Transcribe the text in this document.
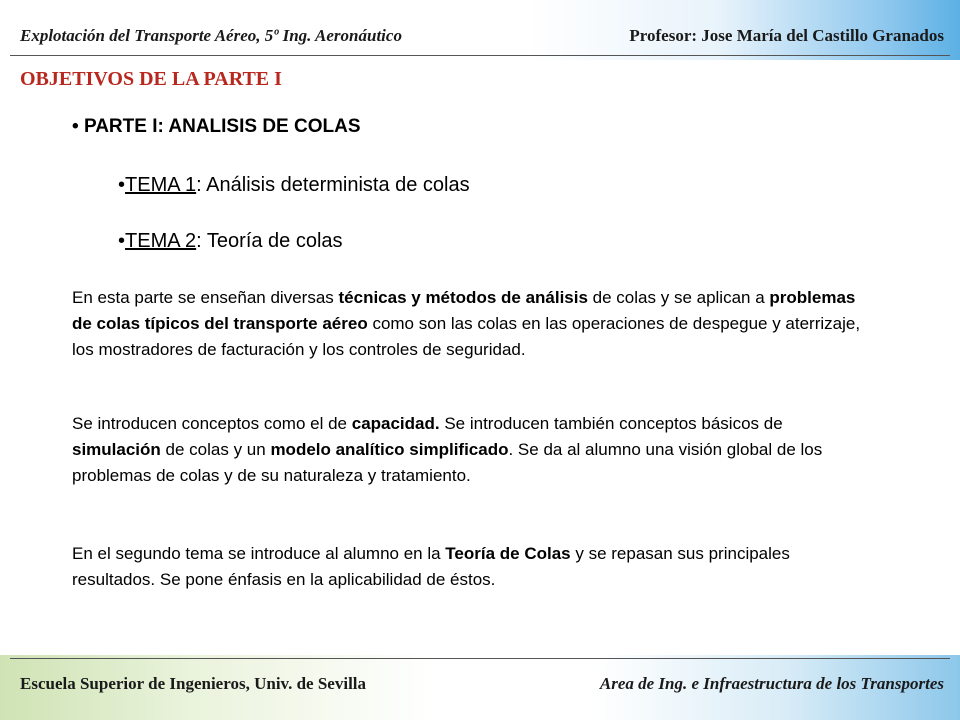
Explotación del Transporte Aéreo, 5º Ing. Aeronáutico	Profesor: Jose María del Castillo Granados
OBJETIVOS DE LA PARTE I
• PARTE I: ANALISIS DE COLAS
•TEMA 1: Análisis determinista de colas
•TEMA 2: Teoría de colas
En esta parte se enseñan diversas técnicas y métodos de análisis de colas y se aplican a problemas de colas típicos del transporte aéreo como son las colas en las operaciones de despegue y aterrizaje, los mostradores de facturación y los controles de seguridad.
Se introducen conceptos como el de capacidad. Se introducen también conceptos básicos de simulación de colas y un modelo analítico simplificado. Se da al alumno una visión global de los problemas de colas y de su naturaleza y tratamiento.
En el segundo tema se introduce al alumno en la Teoría de Colas y se repasan sus principales resultados. Se pone énfasis en la aplicabilidad de éstos.
Escuela Superior de Ingenieros, Univ. de Sevilla	Area de Ing. e Infraestructura de los Transportes
